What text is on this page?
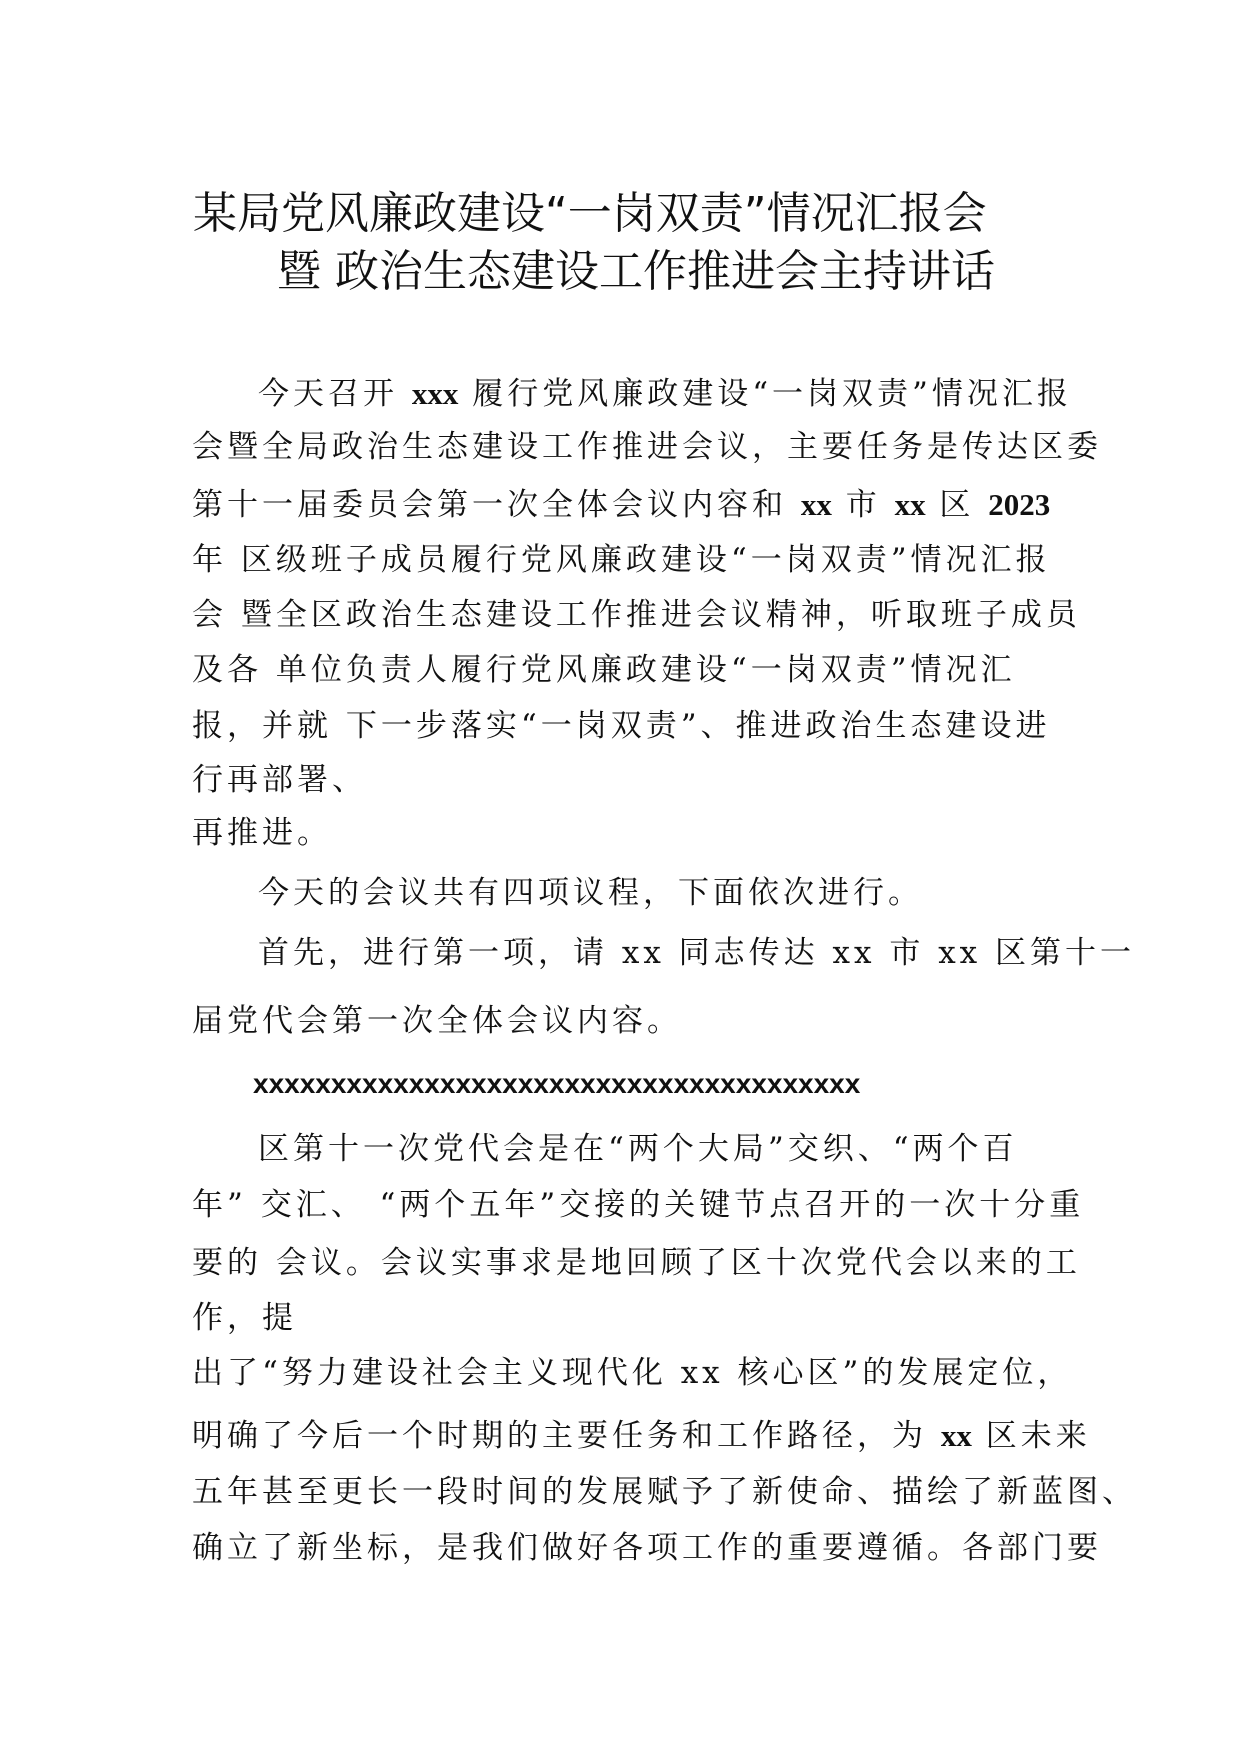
某局党风廉政建设“一岗双责”情况汇报会
暨 政治生态建设工作推进会主持讲话
今天召开 xxx 履行党风廉政建设“一岗双责”情况汇报
会暨全局政治生态建设工作推进会议，主要任务是传达区委
第十一届委员会第一次全体会议内容和 xx 市 xx 区 2023
年 区级班子成员履行党风廉政建设“一岗双责”情况汇报
会 暨全区政治生态建设工作推进会议精神，听取班子成员
及各 单位负责人履行党风廉政建设“一岗双责”情况汇
报，并就 下一步落实“一岗双责”、推进政治生态建设进
行再部署、
再推进。
今天的会议共有四项议程，下面依次进行。
首先，进行第一项，请 xx 同志传达 xx 市 xx 区第十一
届党代会第一次全体会议内容。
xxxxxxxxxxxxxxxxxxxxxxxxxxxxxxxxxxxxxxx
区第十一次党代会是在“两个大局”交织、“两个百
年” 交汇、 “两个五年”交接的关键节点召开的一次十分重
要的 会议。会议实事求是地回顾了区十次党代会以来的工
作，提
出了“努力建设社会主义现代化 xx 核心区”的发展定位，
明确了今后一个时期的主要任务和工作路径，为 xx 区未来
五年甚至更长一段时间的发展赋予了新使命、描绘了新蓝图、
确立了新坐标，是我们做好各项工作的重要遵循。各部门要
